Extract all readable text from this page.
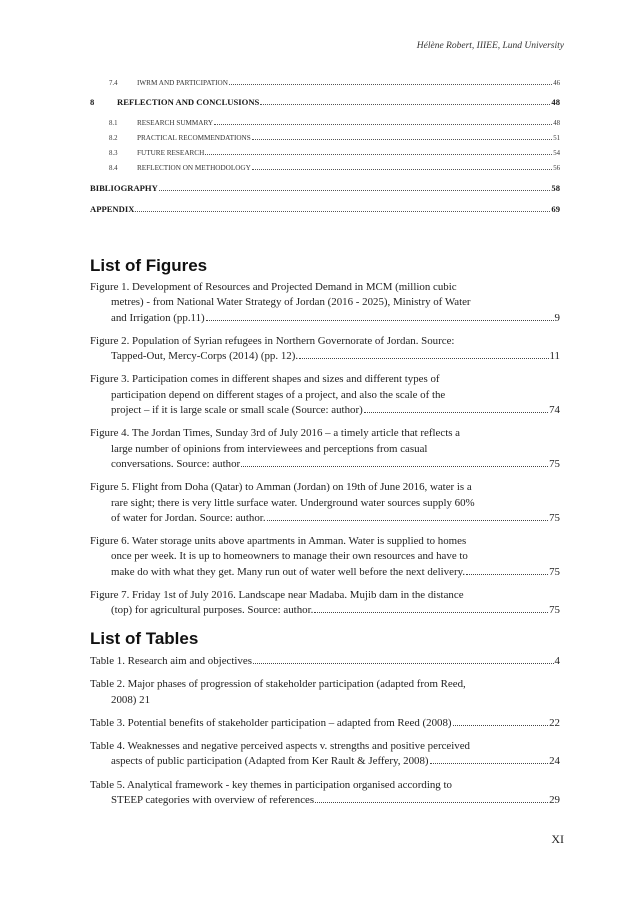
Hélène Robert, IIIEE, Lund University
7.4	IWRM AND PARTICIPATION	46
8	REFLECTION AND CONCLUSIONS	48
8.1	RESEARCH SUMMARY	48
8.2	PRACTICAL RECOMMENDATIONS	51
8.3	FUTURE RESEARCH	54
8.4	REFLECTION ON METHODOLOGY	56
BIBLIOGRAPHY	58
APPENDIX	69
List of Figures
Figure 1. Development of Resources and Projected Demand in MCM (million cubic
metres) - from National Water Strategy of Jordan (2016 - 2025), Ministry of Water
and Irrigation (pp.11)	9
Figure 2. Population of Syrian refugees in Northern Governorate of Jordan. Source:
Tapped-Out, Mercy-Corps (2014) (pp. 12).	11
Figure 3. Participation comes in different shapes and sizes and different types of
participation depend on different stages of a project, and also the scale of the
project – if it is large scale or small scale (Source: author)	74
Figure 4. The Jordan Times, Sunday 3rd of July 2016 – a timely article that reflects a
large number of opinions from interviewees and perceptions from casual
conversations. Source: author	75
Figure 5. Flight from Doha (Qatar) to Amman (Jordan) on 19th of June 2016, water is a
rare sight; there is very little surface water. Underground water sources supply 60%
of water for Jordan. Source: author.	75
Figure 6. Water storage units above apartments in Amman. Water is supplied to homes
once per week. It is up to homeowners to manage their own resources and have to
make do with what they get. Many run out of water well before the next delivery.	75
Figure 7. Friday 1st of July 2016. Landscape near Madaba. Mujib dam in the distance
(top) for agricultural purposes. Source: author.	75
List of Tables
Table 1. Research aim and objectives	4
Table 2. Major phases of progression of stakeholder participation (adapted from Reed,
2008) 21
Table 3. Potential benefits of stakeholder participation – adapted from Reed (2008)	22
Table 4. Weaknesses and negative perceived aspects v. strengths and positive perceived
aspects of public participation (Adapted from Ker Rault & Jeffery, 2008)	24
Table 5. Analytical framework - key themes in participation organised according to
STEEP categories with overview of references	29
XI
